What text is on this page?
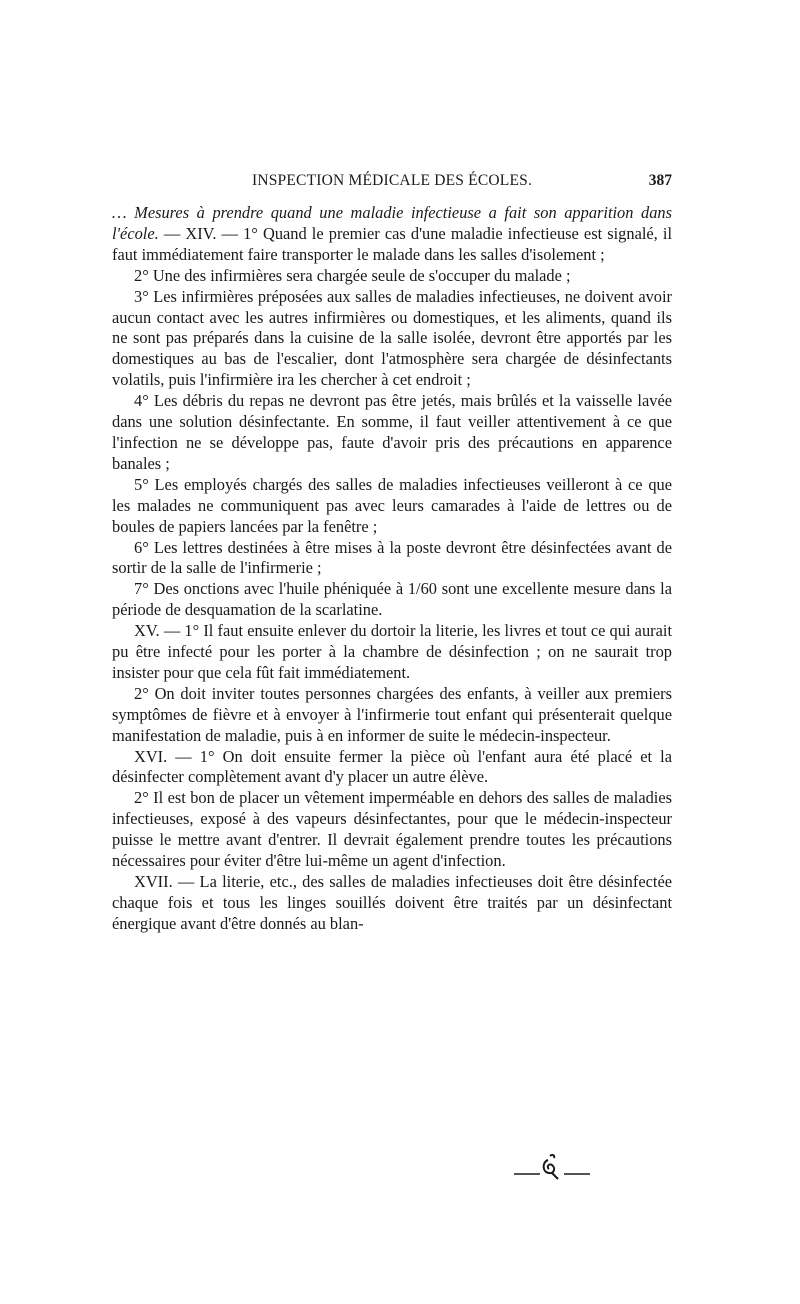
INSPECTION MÉDICALE DES ÉCOLES.	387

… Mesures à prendre quand une maladie infectieuse a fait son apparition dans l'école. — XIV. — 1° Quand le premier cas d'une maladie infectieuse est signalé, il faut immédiatement faire transporter le malade dans les salles d'isolement ;

2° Une des infirmières sera chargée seule de s'occuper du malade ;

3° Les infirmières préposées aux salles de maladies infectieuses, ne doivent avoir aucun contact avec les autres infirmières ou domestiques, et les aliments, quand ils ne sont pas préparés dans la cuisine de la salle isolée, devront être apportés par les domestiques au bas de l'escalier, dont l'atmosphère sera chargée de désinfectants volatils, puis l'infirmière ira les chercher à cet endroit ;

4° Les débris du repas ne devront pas être jetés, mais brûlés et la vaisselle lavée dans une solution désinfectante. En somme, il faut veiller attentivement à ce que l'infection ne se développe pas, faute d'avoir pris des précautions en apparence banales ;

5° Les employés chargés des salles de maladies infectieuses veilleront à ce que les malades ne communiquent pas avec leurs camarades à l'aide de lettres ou de boules de papiers lancées par la fenêtre ;

6° Les lettres destinées à être mises à la poste devront être désinfectées avant de sortir de la salle de l'infirmerie ;

7° Des onctions avec l'huile phéniquée à 1/60 sont une excellente mesure dans la période de desquamation de la scarlatine.

XV. — 1° Il faut ensuite enlever du dortoir la literie, les livres et tout ce qui aurait pu être infecté pour les porter à la chambre de désinfection ; on ne saurait trop insister pour que cela fût fait immédiatement.

2° On doit inviter toutes personnes chargées des enfants, à veiller aux premiers symptômes de fièvre et à envoyer à l'infirmerie tout enfant qui présenterait quelque manifestation de maladie, puis à en informer de suite le médecin-inspecteur.

XVI. — 1° On doit ensuite fermer la pièce où l'enfant aura été placé et la désinfecter complètement avant d'y placer un autre élève.

2° Il est bon de placer un vêtement imperméable en dehors des salles de maladies infectieuses, exposé à des vapeurs désinfectantes, pour que le médecin-inspecteur puisse le mettre avant d'entrer. Il devrait également prendre toutes les précautions nécessaires pour éviter d'être lui-même un agent d'infection.

XVII. — La literie, etc., des salles de maladies infectieuses doit être désinfectée chaque fois et tous les linges souillés doivent être traités par un désinfectant énergique avant d'être donnés au blan-
